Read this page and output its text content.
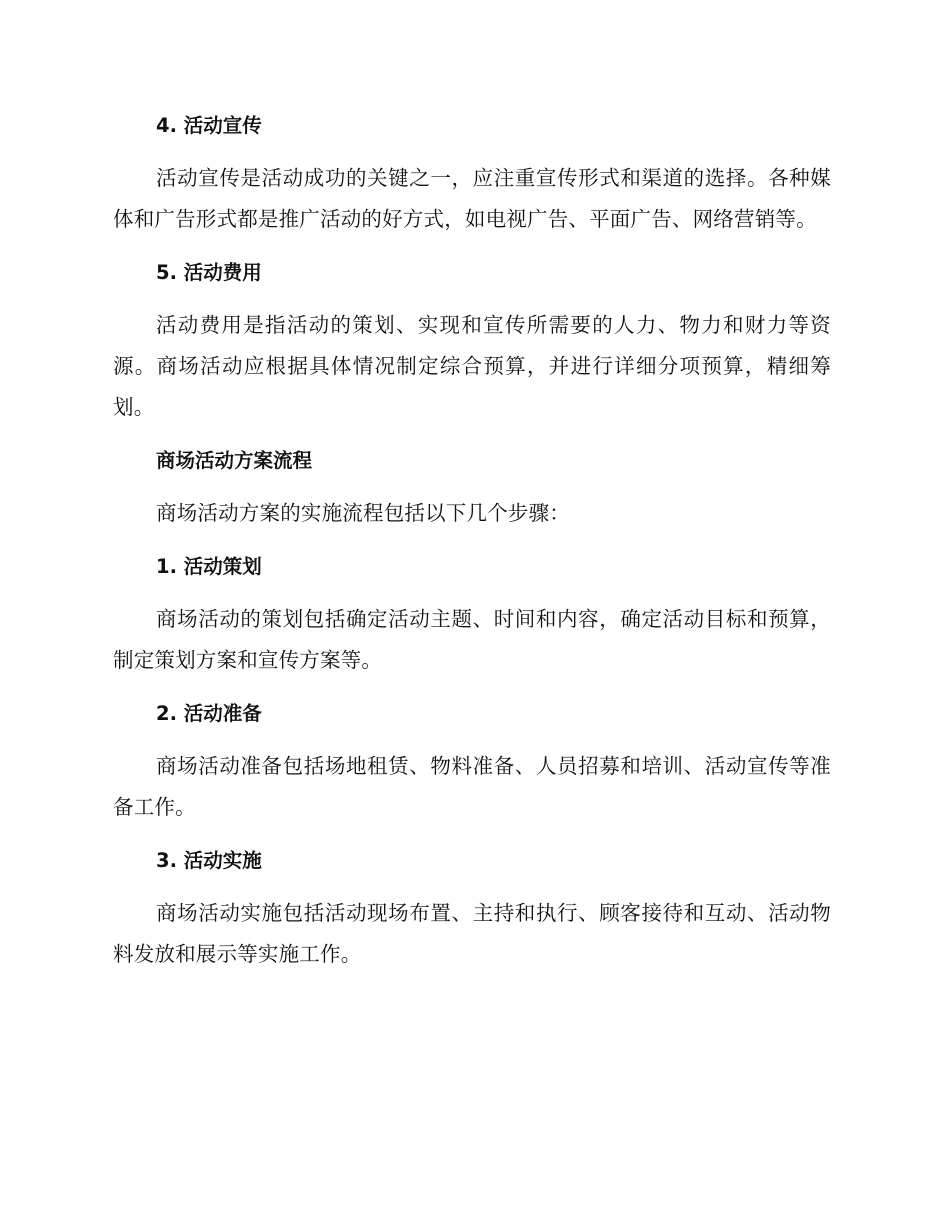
4. 活动宣传

活动宣传是活动成功的关键之一，应注重宣传形式和渠道的选择。各种媒体和广告形式都是推广活动的好方式，如电视广告、平面广告、网络营销等。

5. 活动费用

活动费用是指活动的策划、实现和宣传所需要的人力、物力和财力等资源。商场活动应根据具体情况制定综合预算，并进行详细分项预算，精细筹划。

商场活动方案流程

商场活动方案的实施流程包括以下几个步骤：

1. 活动策划

商场活动的策划包括确定活动主题、时间和内容，确定活动目标和预算，制定策划方案和宣传方案等。

2. 活动准备

商场活动准备包括场地租赁、物料准备、人员招募和培训、活动宣传等准备工作。

3. 活动实施

商场活动实施包括活动现场布置、主持和执行、顾客接待和互动、活动物料发放和展示等实施工作。
